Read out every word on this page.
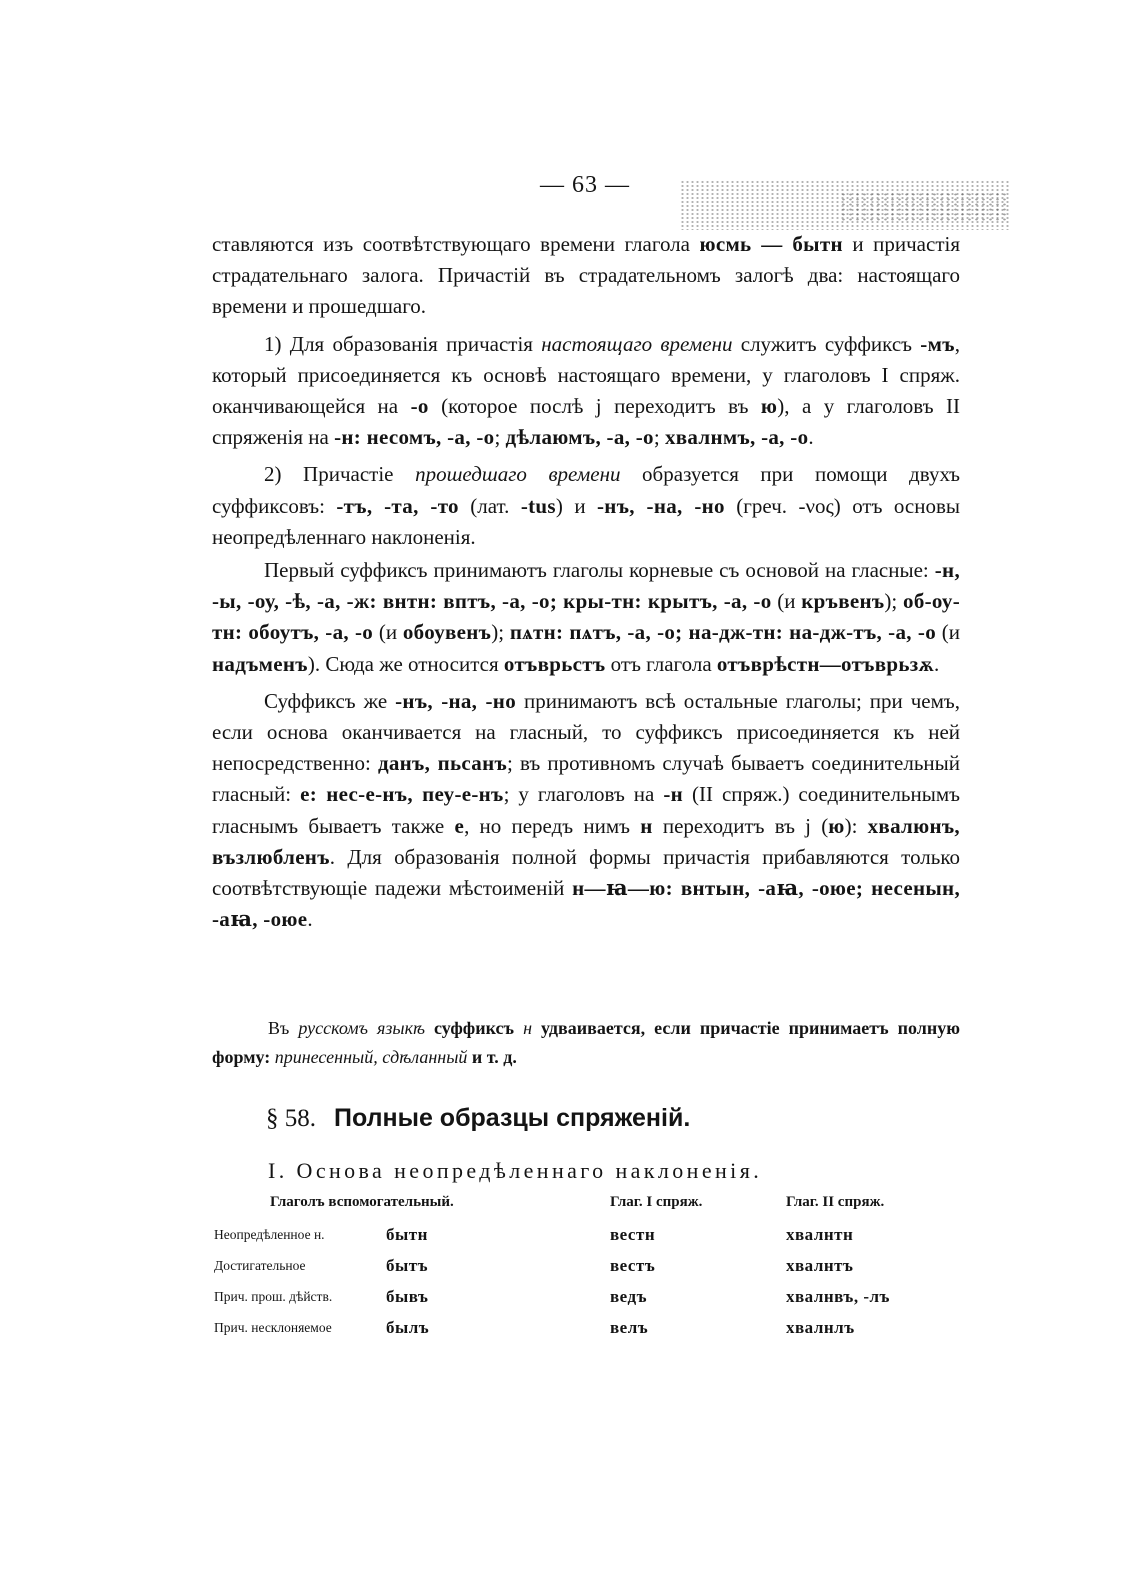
— 63 —

ставляются изъ соотвѣтствующаго времени глагола юсмь — бытн и причастія страдательнаго залога. Причастій въ страдательномъ залогѣ два: настоящаго времени и прошедшаго.

1) Для образованія причастія настоящаго времени служитъ суффиксъ -мъ, который присоединяется къ основѣ настоящаго времени, у глаголовъ I спряж. оканчивающейся на -о (которое послѣ j переходитъ въ ю), а у глаголовъ II спряженія на -н: несомъ, -а, -о; дѣлаюмъ, -а, -о; хвалнмъ, -а, -о.

2) Причастіе прошедшаго времени образуется при помощи двухъ суффиксовъ: -тъ, -та, -то (лат. -tus) и -нъ, -на, -но (греч. -νος) отъ основы неопредѣленнаго наклоненія.

Первый суффиксъ принимаютъ глаголы корневые съ основой на гласные: -н, -ы, -оу, -ѣ, -а, -ж: внтн: вптъ, -а, -о; кры-тн: крытъ, -а, -о (и кръвенъ); об-оу-тн: обоутъ, -а, -о (и обоувенъ); пѧтн: пѧтъ, -а, -о; на-дж-тн: на-дж-тъ, -а, -о (и надъменъ). Сюда же относится отъврьстъ отъ глагола отъврѣстн—отъврьзѫ.

Суффиксъ же -нъ, -на, -но принимаютъ всѣ остальные глаголы; при чемъ, если основа оканчивается на гласный, то суффиксъ присоединяется къ ней непосредственно: данъ, пьсанъ; въ противномъ случаѣ бываетъ соединительный гласный: е: нес-е-нъ, пеу-е-нъ; у глаголовъ на -н (II спряж.) соединительнымъ гласнымъ бываетъ также е, но передъ нимъ н переходитъ въ j (ю): хвалюнъ, възлюбленъ. Для образованія полной формы причастія прибавляются только соотвѣтствующіе падежи мѣстоименій н—ꙗ—ю: внтын, -аꙗ, -оюе; несенын, -аꙗ, -оюе.

Въ русскомъ языкѣ суффиксъ н удваивается, если причастіе принимаетъ полную форму: принесенный, сдѣланный и т. д.

§ 58. Полные образцы спряженій.
I. Основа неопредѣленнаго наклоненія.
Глаголъ вспомогательный.		Глаг. I спряж.	Глаг. II спряж.
Неопредѣленное н.	бытн	вестн	хвалнтн
Достигательное	бытъ	вестъ	хвалнтъ
Прич. прош. дѣйств.	бывъ	ведъ	хвалнвъ, -лъ
Прич. несклоняемое	былъ	велъ	хвалнлъ
